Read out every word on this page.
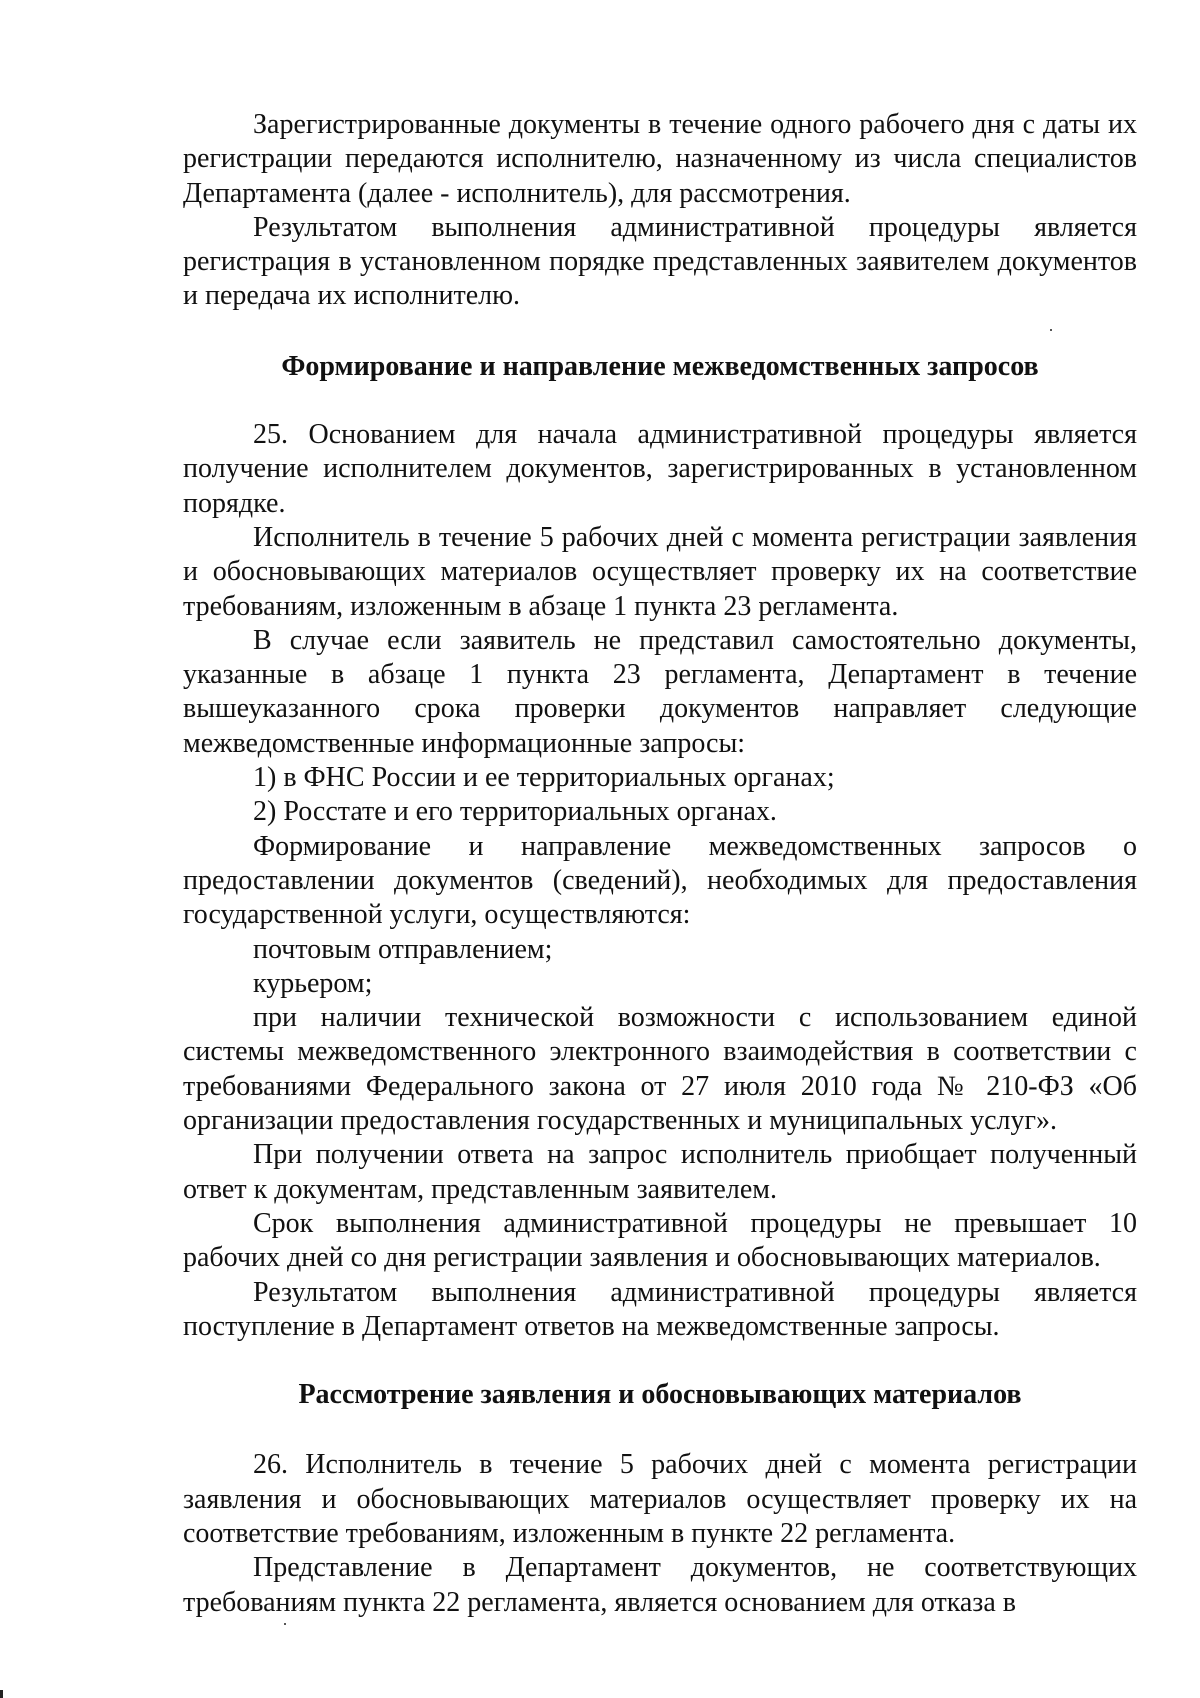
Зарегистрированные документы в течение одного рабочего дня с даты их регистрации передаются исполнителю, назначенному из числа специалистов Департамента (далее - исполнитель), для рассмотрения.

Результатом выполнения административной процедуры является регистрация в установленном порядке представленных заявителем документов и передача их исполнителю.

Формирование и направление межведомственных запросов

25. Основанием для начала административной процедуры является получение исполнителем документов, зарегистрированных в установленном порядке.

Исполнитель в течение 5 рабочих дней с момента регистрации заявления и обосновывающих материалов осуществляет проверку их на соответствие требованиям, изложенным в абзаце 1 пункта 23 регламента.

В случае если заявитель не представил самостоятельно документы, указанные в абзаце 1 пункта 23 регламента, Департамент в течение вышеуказанного срока проверки документов направляет следующие межведомственные информационные запросы:

1) в ФНС России и ее территориальных органах;

2) Росстате и его территориальных органах.

Формирование и направление межведомственных запросов о предоставлении документов (сведений), необходимых для предоставления государственной услуги, осуществляются:

почтовым отправлением;

курьером;

при наличии технической возможности с использованием единой системы межведомственного электронного взаимодействия в соответствии с требованиями Федерального закона от 27 июля 2010 года № 210-ФЗ «Об организации предоставления государственных и муниципальных услуг».

При получении ответа на запрос исполнитель приобщает полученный ответ к документам, представленным заявителем.

Срок выполнения административной процедуры не превышает 10 рабочих дней со дня регистрации заявления и обосновывающих материалов.

Результатом выполнения административной процедуры является поступление в Департамент ответов на межведомственные запросы.

Рассмотрение заявления и обосновывающих материалов

26. Исполнитель в течение 5 рабочих дней с момента регистрации заявления и обосновывающих материалов осуществляет проверку их на соответствие требованиям, изложенным в пункте 22 регламента.

Представление в Департамент документов, не соответствующих требованиям пункта 22 регламента, является основанием для отказа в
